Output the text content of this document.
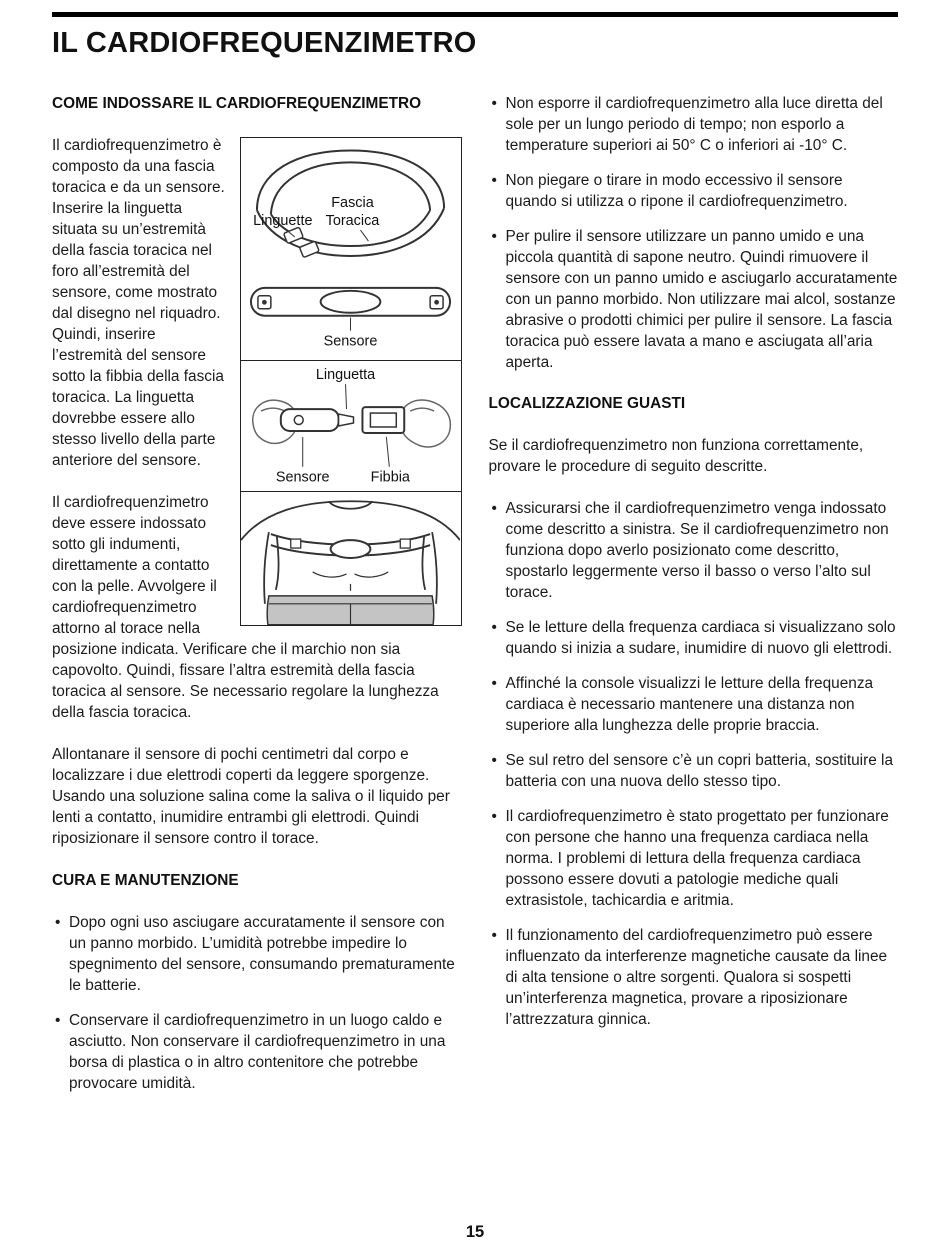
IL CARDIOFREQUENZIMETRO
COME INDOSSARE IL CARDIOFREQUENZIMETRO
Fascia
Toracica
Linguette
Sensore
Linguetta
Sensore	Fibbia

Il cardiofrequenzimetro è composto da una fascia toracica e da un sensore. Inserire la linguetta situata su un’estremità della fascia toracica nel foro all’estremità del sensore, come mostrato dal disegno nel riquadro. Quindi, inserire l’estremità del sensore sotto la fibbia della fascia toracica. La linguetta dovrebbe essere allo stesso livello della parte anteriore del sensore.

Il cardiofrequenzimetro deve essere indossato sotto gli indumenti, direttamente a contatto con la pelle. Avvolgere il cardiofrequenzimetro attorno al torace nella posizione indicata. Verificare che il marchio non sia capovolto. Quindi, fissare l’altra estremità della fascia toracica al sensore. Se necessario regolare la lunghezza della fascia toracica.

Allontanare il sensore di pochi centimetri dal corpo e localizzare i due elettrodi coperti da leggere sporgenze. Usando una soluzione salina come la saliva o il liquido per lenti a contatto, inumidire entrambi gli elettrodi. Quindi riposizionare il sensore contro il torace.

CURA E MANUTENZIONE
• Dopo ogni uso asciugare accuratamente il sensore con un panno morbido. L’umidità potrebbe impedire lo spegnimento del sensore, consumando prematuramente le batterie.
• Conservare il cardiofrequenzimetro in un luogo caldo e asciutto. Non conservare il cardiofrequenzimetro in una borsa di plastica o in altro contenitore che potrebbe provocare umidità.
• Non esporre il cardiofrequenzimetro alla luce diretta del sole per un lungo periodo di tempo; non esporlo a temperature superiori ai 50° C o inferiori ai -10° C.
• Non piegare o tirare in modo eccessivo il sensore quando si utilizza o ripone il cardiofrequenzimetro.
• Per pulire il sensore utilizzare un panno umido e una piccola quantità di sapone neutro. Quindi rimuovere il sensore con un panno umido e asciugarlo accuratamente con un panno morbido. Non utilizzare mai alcol, sostanze abrasive o prodotti chimici per pulire il sensore. La fascia toracica può essere lavata a mano e asciugata all’aria aperta.
LOCALIZZAZIONE GUASTI

Se il cardiofrequenzimetro non funziona correttamente, provare le procedure di seguito descritte.

• Assicurarsi che il cardiofrequenzimetro venga indossato come descritto a sinistra. Se il cardiofrequenzimetro non funziona dopo averlo posizionato come descritto, spostarlo leggermente verso il basso o verso l’alto sul torace.
• Se le letture della frequenza cardiaca si visualizzano solo quando si inizia a sudare, inumidire di nuovo gli elettrodi.
• Affinché la console visualizzi le letture della frequenza cardiaca è necessario mantenere una distanza non superiore alla lunghezza delle proprie braccia.
• Se sul retro del sensore c’è un copri batteria, sostituire la batteria con una nuova dello stesso tipo.
• Il cardiofrequenzimetro è stato progettato per funzionare con persone che hanno una frequenza cardiaca nella norma. I problemi di lettura della frequenza cardiaca possono essere dovuti a patologie mediche quali extrasistole, tachicardia e aritmia.
• Il funzionamento del cardiofrequenzimetro può essere influenzato da interferenze magnetiche causate da linee di alta tensione o altre sorgenti. Qualora si sospetti un’interferenza magnetica, provare a riposizionare l’attrezzatura ginnica.
15
